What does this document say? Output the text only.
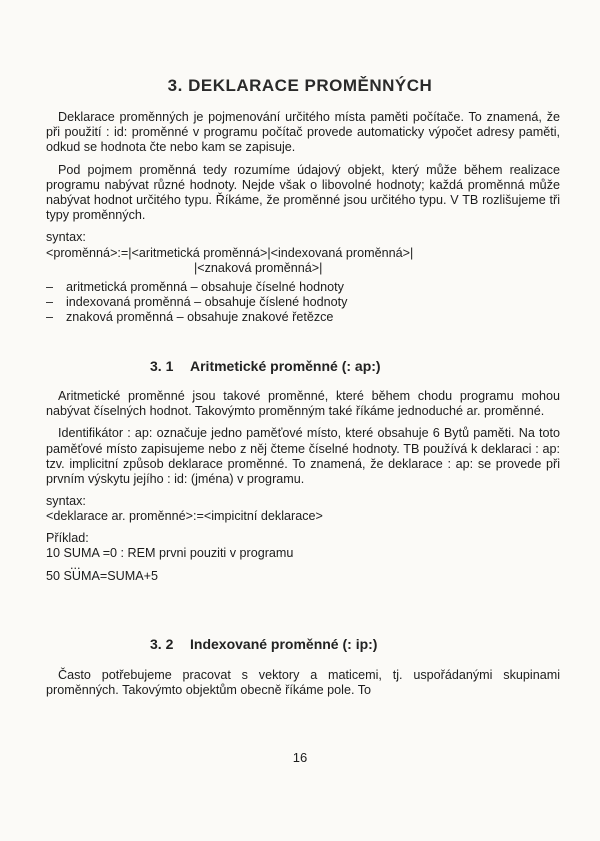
3. DEKLARACE PROMĚNNÝCH

Deklarace proměnných je pojmenování určitého místa paměti počítače. To znamená, že při použití : id: proměnné v programu počítač provede automaticky výpočet adresy paměti, odkud se hodnota čte nebo kam se zapisuje.

Pod pojmem proměnná tedy rozumíme údajový objekt, který může během realizace programu nabývat různé hodnoty. Nejde však o libovolné hodnoty; každá proměnná může nabývat hodnot určitého typu. Říkáme, že proměnné jsou určitého typu. V TB rozlišujeme tři typy proměnných.

syntax:
<proměnná>:=|<aritmetická proměnná>|<indexovaná proměnná>|
|<znaková proměnná>|
– aritmetická proměnná – obsahuje číselné hodnoty
– indexovaná proměnná – obsahuje číslené hodnoty
– znaková proměnná – obsahuje znakové řetězce
3. 1 Aritmetické proměnné (: ap:)

Aritmetické proměnné jsou takové proměnné, které během chodu programu mohou nabývat číselných hodnot. Takovýmto proměnným také říkáme jednoduché ar. proměnné.

Identifikátor : ap: označuje jedno paměťové místo, které obsahuje 6 Bytů paměti. Na toto paměťové místo zapisujeme nebo z něj čteme číselné hodnoty. TB používá k deklaraci : ap: tzv. implicitní způsob deklarace proměnné. To znamená, že deklarace : ap: se provede při prvním výskytu jejího : id: (jména) v programu.

syntax:
<deklarace ar. proměnné>:=<impicitní deklarace>
Příklad:
10 SUMA =0 : REM prvni pouziti v programu
...
50 SUMA=SUMA+5
3. 2 Indexované proměnné (: ip:)

Často potřebujeme pracovat s vektory a maticemi, tj. uspořádanými skupinami proměnných. Takovýmto objektům obecně říkáme pole. To

16
